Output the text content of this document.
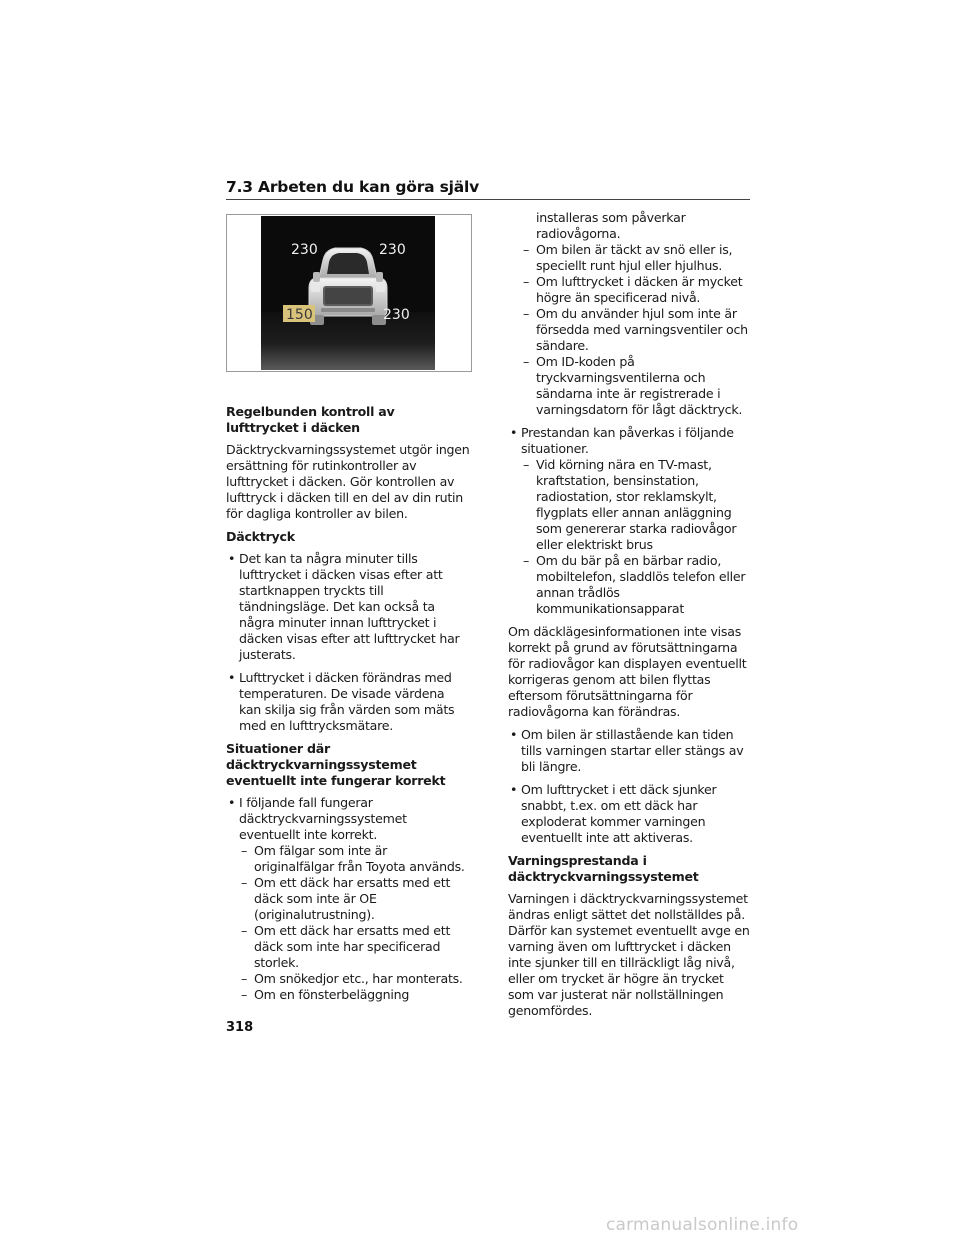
7.3 Arbeten du kan göra själv
230	230
150	230
Regelbunden kontroll av lufttrycket i däcken

Däcktryckvarningssystemet utgör ingen ersättning för rutinkontroller av lufttrycket i däcken. Gör kontrollen av lufttryck i däcken till en del av din rutin för dagliga kontroller av bilen.

Däcktryck
• Det kan ta några minuter tills lufttrycket i däcken visas efter att startknappen tryckts till tändningsläge. Det kan också ta några minuter innan lufttrycket i däcken visas efter att lufttrycket har justerats.
• Lufttrycket i däcken förändras med temperaturen. De visade värdena kan skilja sig från värden som mäts med en lufttrycksmätare.
Situationer där däcktryckvarningssystemet eventuellt inte fungerar korrekt
• I följande fall fungerar däcktryckvarningssystemet eventuellt inte korrekt.
– Om fälgar som inte är originalfälgar från Toyota används.
– Om ett däck har ersatts med ett däck som inte är OE (originalutrustning).
– Om ett däck har ersatts med ett däck som inte har specificerad storlek.
– Om snökedjor etc., har monterats.
– Om en fönsterbeläggning
installeras som påverkar radiovågorna.
– Om bilen är täckt av snö eller is, speciellt runt hjul eller hjulhus.
– Om lufttrycket i däcken är mycket högre än specificerad nivå.
– Om du använder hjul som inte är försedda med varningsventiler och sändare.
– Om ID-koden på tryckvarningsventilerna och sändarna inte är registrerade i varningsdatorn för lågt däcktryck.
• Prestandan kan påverkas i följande situationer.
– Vid körning nära en TV-mast, kraftstation, bensinstation, radiostation, stor reklamskylt, flygplats eller annan anläggning som genererar starka radiovågor eller elektriskt brus
– Om du bär på en bärbar radio, mobiltelefon, sladdlös telefon eller annan trådlös kommunikationsapparat

Om däcklägesinformationen inte visas korrekt på grund av förutsättningarna för radiovågor kan displayen eventuellt korrigeras genom att bilen flyttas eftersom förutsättningarna för radiovågorna kan förändras.

• Om bilen är stillastående kan tiden tills varningen startar eller stängs av bli längre.
• Om lufttrycket i ett däck sjunker snabbt, t.ex. om ett däck har exploderat kommer varningen eventuellt inte att aktiveras.
Varningsprestanda i däcktryckvarningssystemet

Varningen i däcktryckvarningssystemet ändras enligt sättet det nollställdes på. Därför kan systemet eventuellt avge en varning även om lufttrycket i däcken inte sjunker till en tillräckligt låg nivå, eller om trycket är högre än trycket som var justerat när nollställningen genomfördes.

318
carmanualsonline.info
